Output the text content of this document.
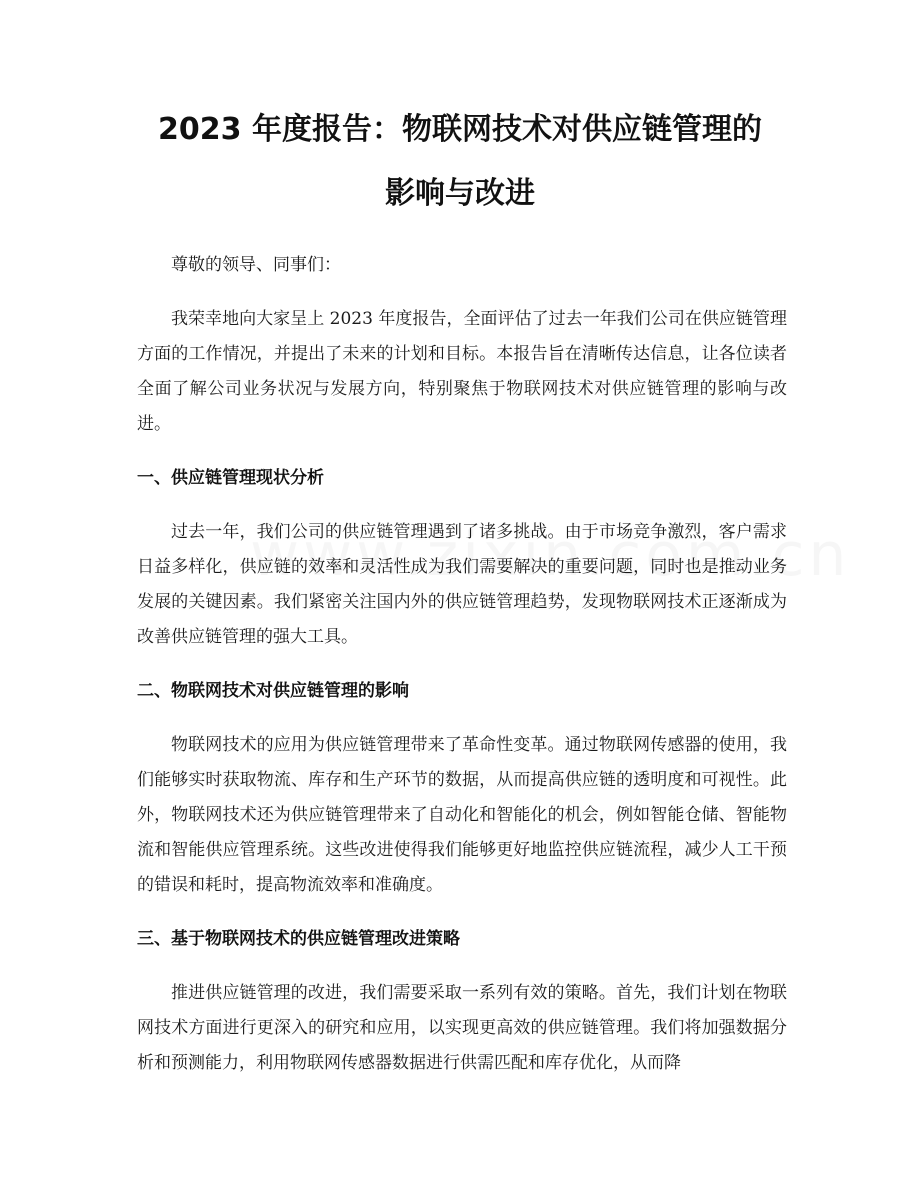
2023 年度报告：物联网技术对供应链管理的
影响与改进

尊敬的领导、同事们：

我荣幸地向大家呈上 2023 年度报告，全面评估了过去一年我们公司在供应链管理方面的工作情况，并提出了未来的计划和目标。本报告旨在清晰传达信息，让各位读者全面了解公司业务状况与发展方向，特别聚焦于物联网技术对供应链管理的影响与改进。

一、供应链管理现状分析

过去一年，我们公司的供应链管理遇到了诸多挑战。由于市场竞争激烈，客户需求日益多样化，供应链的效率和灵活性成为我们需要解决的重要问题，同时也是推动业务发展的关键因素。我们紧密关注国内外的供应链管理趋势，发现物联网技术正逐渐成为改善供应链管理的强大工具。

二、物联网技术对供应链管理的影响

物联网技术的应用为供应链管理带来了革命性变革。通过物联网传感器的使用，我们能够实时获取物流、库存和生产环节的数据，从而提高供应链的透明度和可视性。此外，物联网技术还为供应链管理带来了自动化和智能化的机会，例如智能仓储、智能物流和智能供应管理系统。这些改进使得我们能够更好地监控供应链流程，减少人工干预的错误和耗时，提高物流效率和准确度。

三、基于物联网技术的供应链管理改进策略

推进供应链管理的改进，我们需要采取一系列有效的策略。首先，我们计划在物联网技术方面进行更深入的研究和应用，以实现更高效的供应链管理。我们将加强数据分析和预测能力，利用物联网传感器数据进行供需匹配和库存优化，从而降
